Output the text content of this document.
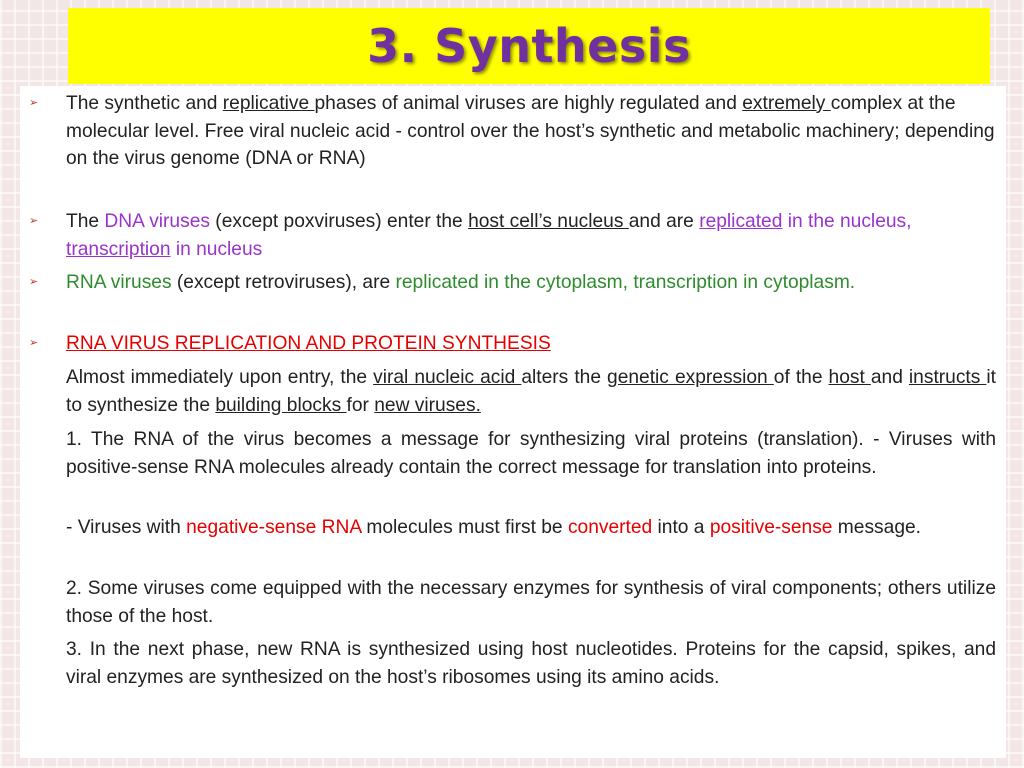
3. Synthesis

➢ The synthetic and replicative phases of animal viruses are highly regulated and extremely complex at the molecular level. Free viral nucleic acid - control over the host’s synthetic and metabolic machinery; depending on the virus genome (DNA or RNA)

➢ The DNA viruses (except poxviruses) enter the host cell’s nucleus and are replicated in the nucleus, transcription in nucleus

➢ RNA viruses (except retroviruses), are replicated in the cytoplasm, transcription in cytoplasm.

➢ RNA VIRUS REPLICATION AND PROTEIN SYNTHESIS

Almost immediately upon entry, the viral nucleic acid alters the genetic expression of the host and instructs it to synthesize the building blocks for new viruses.

1. The RNA of the virus becomes a message for synthesizing viral proteins (translation). - Viruses with positive-sense RNA molecules already contain the correct message for translation into proteins.

- Viruses with negative-sense RNA molecules must first be converted into a positive-sense message.

2. Some viruses come equipped with the necessary enzymes for synthesis of viral components; others utilize those of the host.

3. In the next phase, new RNA is synthesized using host nucleotides. Proteins for the capsid, spikes, and viral enzymes are synthesized on the host’s ribosomes using its amino acids.
